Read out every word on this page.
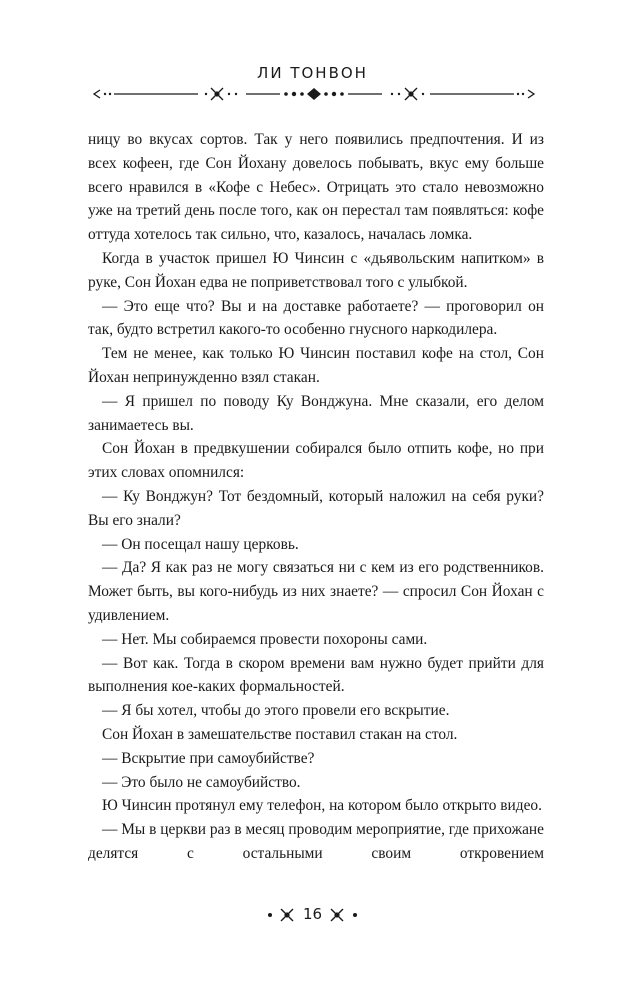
ЛИ ТОНВОН

ницу во вкусах сортов. Так у него появились предпочтения. И из всех кофеен, где Сон Йохану довелось побывать, вкус ему больше всего нравился в «Кофе с Небес». Отрицать это стало невозможно уже на третий день после того, как он перестал там появляться: кофе оттуда хотелось так сильно, что, казалось, началась ломка.

Когда в участок пришел Ю Чинсин с «дьявольским напитком» в руке, Сон Йохан едва не поприветствовал того с улыбкой.

— Это еще что? Вы и на доставке работаете? — проговорил он так, будто встретил какого-то особенно гнусного наркодилера.

Тем не менее, как только Ю Чинсин поставил кофе на стол, Сон Йохан непринужденно взял стакан.

— Я пришел по поводу Ку Вонджуна. Мне сказали, его делом занимаетесь вы.

Сон Йохан в предвкушении собирался было отпить кофе, но при этих словах опомнился:

— Ку Вонджун? Тот бездомный, который наложил на себя руки? Вы его знали?

— Он посещал нашу церковь.

— Да? Я как раз не могу связаться ни с кем из его родственников. Может быть, вы кого-нибудь из них знаете? — спросил Сон Йохан с удивлением.

— Нет. Мы собираемся провести похороны сами.

— Вот как. Тогда в скором времени вам нужно будет прийти для выполнения кое-каких формальностей.

— Я бы хотел, чтобы до этого провели его вскрытие.

Сон Йохан в замешательстве поставил стакан на стол.

— Вскрытие при самоубийстве?

— Это было не самоубийство.

Ю Чинсин протянул ему телефон, на котором было открыто видео.

— Мы в церкви раз в месяц проводим мероприятие, где прихожане делятся с остальными своим откровением

16
